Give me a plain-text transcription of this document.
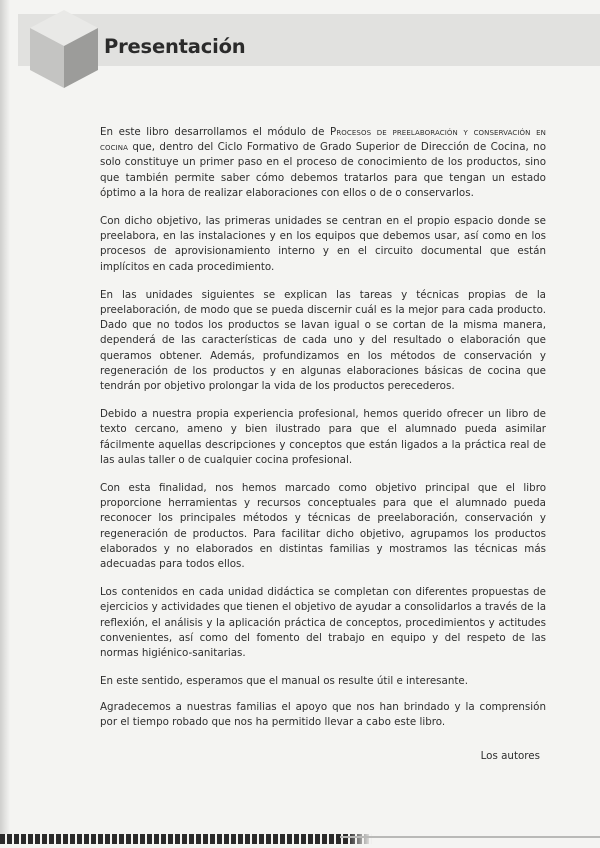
Presentación

En este libro desarrollamos el módulo de Procesos de preelaboración y conservación en cocina que, dentro del Ciclo Formativo de Grado Superior de Dirección de Cocina, no solo constituye un primer paso en el proceso de conocimiento de los productos, sino que también permite saber cómo debemos tratarlos para que tengan un estado óptimo a la hora de realizar elaboraciones con ellos o de o conservarlos.

Con dicho objetivo, las primeras unidades se centran en el propio espacio donde se preelabora, en las instalaciones y en los equipos que debemos usar, así como en los procesos de aprovisionamiento interno y en el circuito documental que están implícitos en cada procedimiento.

En las unidades siguientes se explican las tareas y técnicas propias de la preelaboración, de modo que se pueda discernir cuál es la mejor para cada producto. Dado que no todos los productos se lavan igual o se cortan de la misma manera, dependerá de las características de cada uno y del resultado o elaboración que queramos obtener. Además, profundizamos en los métodos de conservación y regeneración de los productos y en algunas elaboraciones básicas de cocina que tendrán por objetivo prolongar la vida de los productos perecederos.

Debido a nuestra propia experiencia profesional, hemos querido ofrecer un libro de texto cercano, ameno y bien ilustrado para que el alumnado pueda asimilar fácilmente aquellas descripciones y conceptos que están ligados a la práctica real de las aulas taller o de cualquier cocina profesional.

Con esta finalidad, nos hemos marcado como objetivo principal que el libro proporcione herramientas y recursos conceptuales para que el alumnado pueda reconocer los principales métodos y técnicas de preelaboración, conservación y regeneración de productos. Para facilitar dicho objetivo, agrupamos los productos elaborados y no elaborados en distintas familias y mostramos las técnicas más adecuadas para todos ellos.

Los contenidos en cada unidad didáctica se completan con diferentes propuestas de ejercicios y actividades que tienen el objetivo de ayudar a consolidarlos a través de la reflexión, el análisis y la aplicación práctica de conceptos, procedimientos y actitudes convenientes, así como del fomento del trabajo en equipo y del respeto de las normas higiénico-sanitarias.

En este sentido, esperamos que el manual os resulte útil e interesante.

Agradecemos a nuestras familias el apoyo que nos han brindado y la comprensión por el tiempo robado que nos ha permitido llevar a cabo este libro.

Los autores
